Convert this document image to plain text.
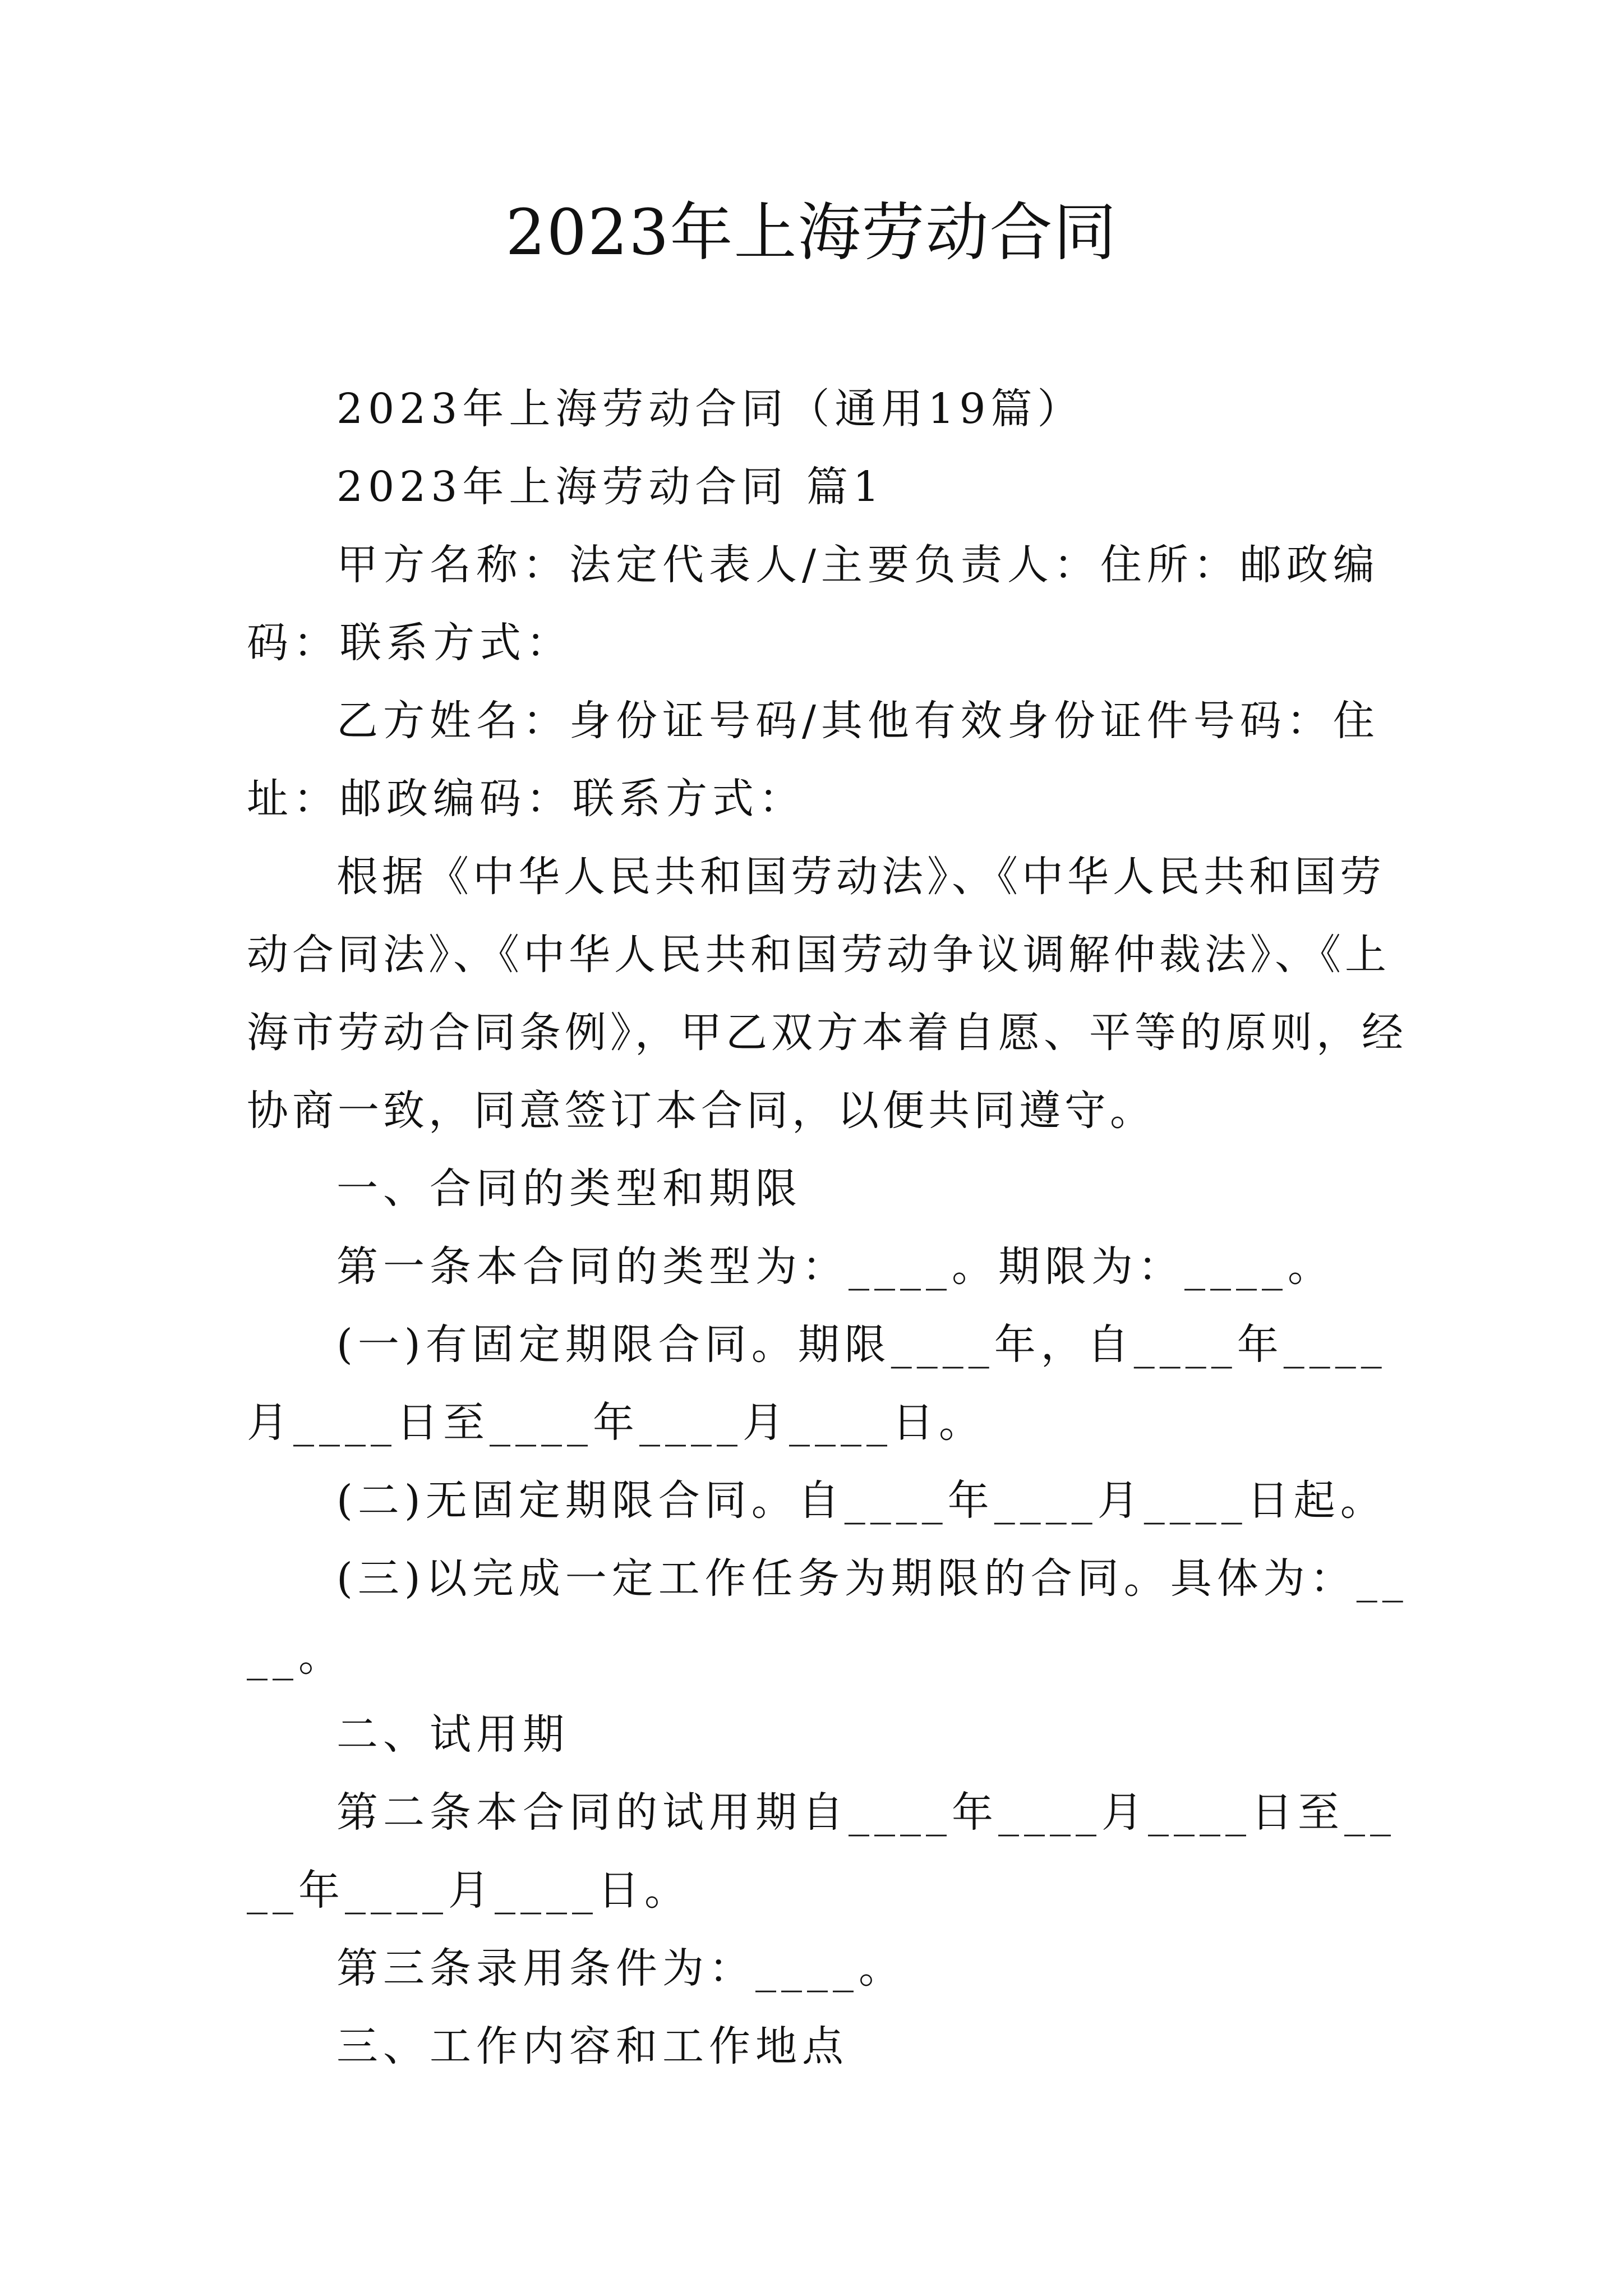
2023年上海劳动合同

2023年上海劳动合同（通用19篇）

2023年上海劳动合同 篇1

甲方名称：法定代表人/主要负责人：住所：邮政编码：联系方式：

乙方姓名：身份证号码/其他有效身份证件号码：住址：邮政编码：联系方式：

根据《中华人民共和国劳动法》、《中华人民共和国劳动合同法》、《中华人民共和国劳动争议调解仲裁法》、《上海市劳动合同条例》，甲乙双方本着自愿、平等的原则，经协商一致，同意签订本合同，以便共同遵守。

一、合同的类型和期限

第一条本合同的类型为：____。期限为：____。

(一)有固定期限合同。期限____年，自____年____月____日至____年____月____日。

(二)无固定期限合同。自____年____月____日起。

(三)以完成一定工作任务为期限的合同。具体为：____。

二、试用期

第二条本合同的试用期自____年____月____日至____年____月____日。

第三条录用条件为：____。

三、工作内容和工作地点
